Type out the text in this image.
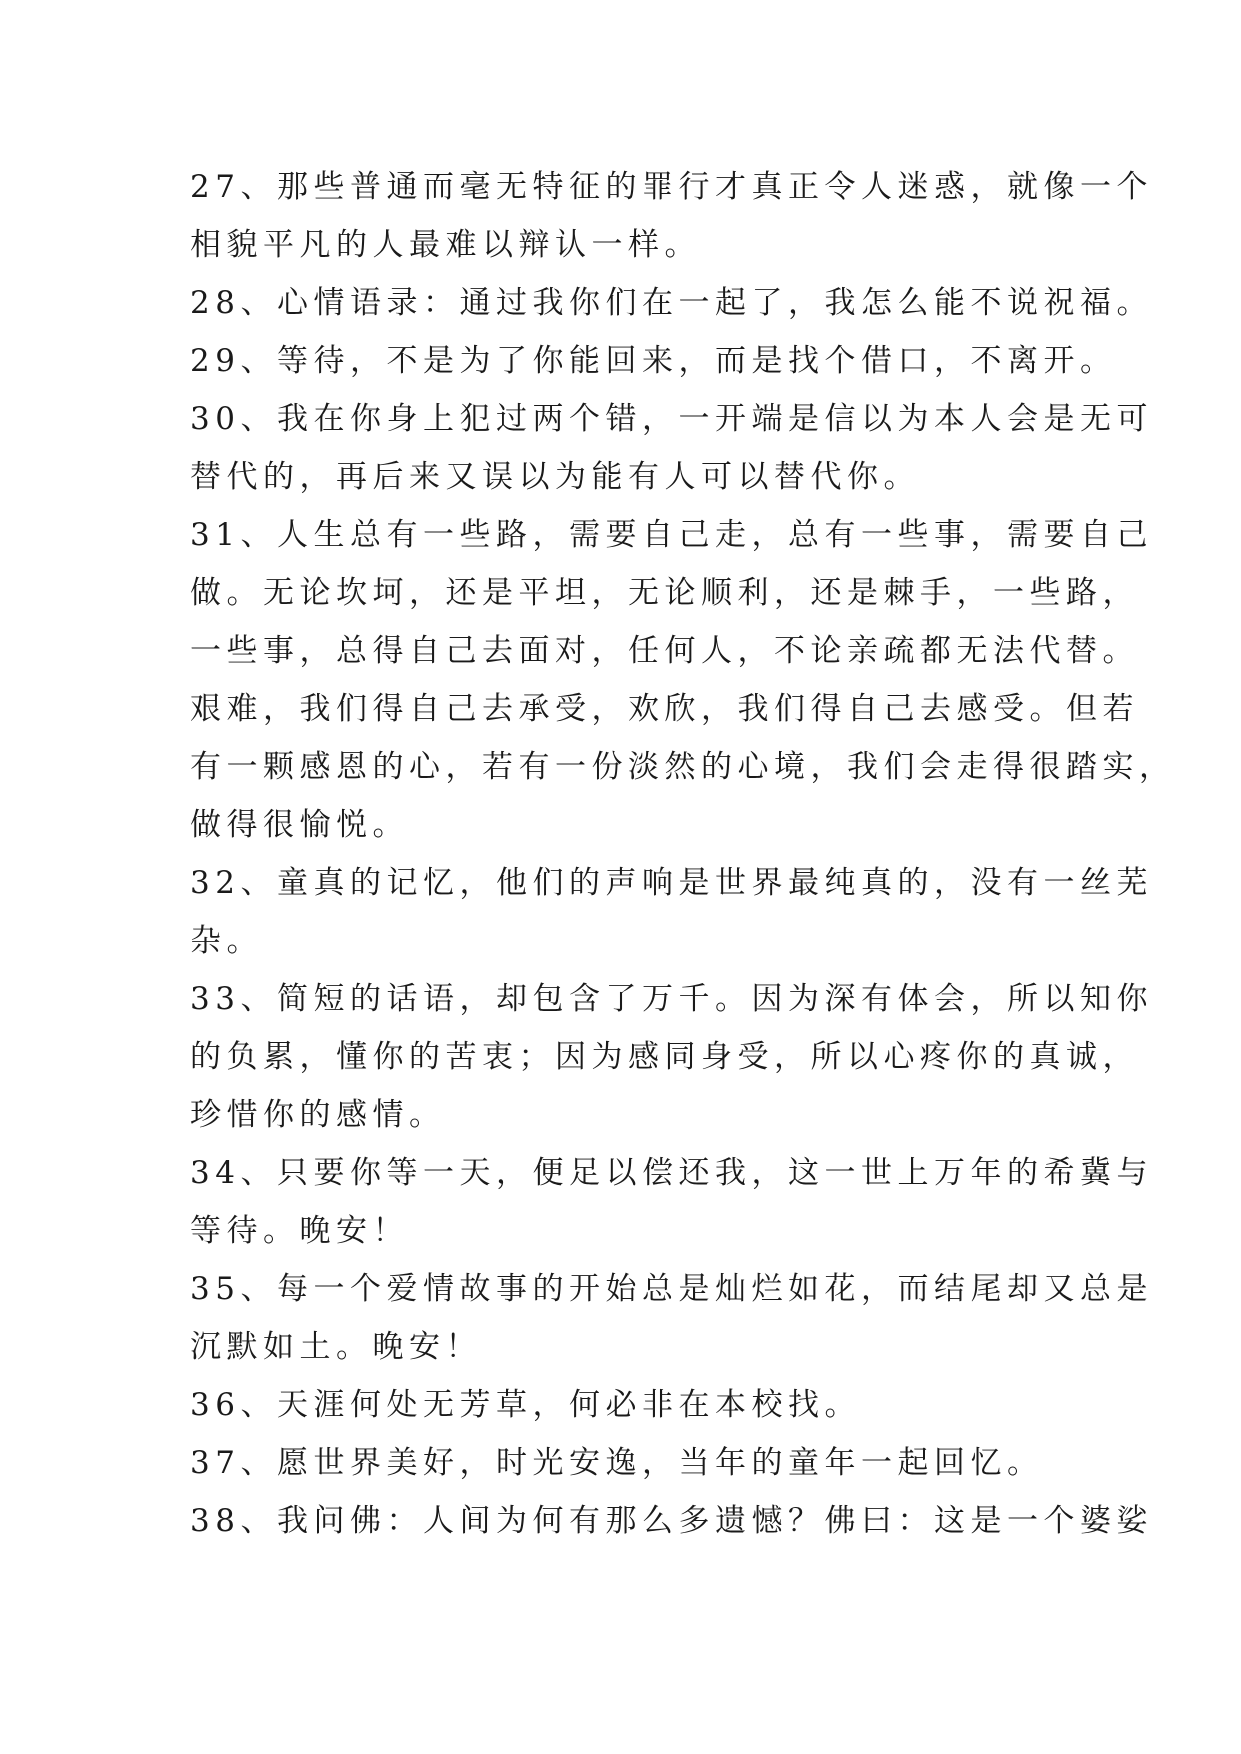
27、那些普通而毫无特征的罪行才真正令人迷惑，就像一个
相貌平凡的人最难以辩认一样。
28、心情语录：通过我你们在一起了，我怎么能不说祝福。
29、等待，不是为了你能回来，而是找个借口，不离开。
30、我在你身上犯过两个错，一开端是信以为本人会是无可
替代的，再后来又误以为能有人可以替代你。
31、人生总有一些路，需要自己走，总有一些事，需要自己
做。无论坎坷，还是平坦，无论顺利，还是棘手，一些路，
一些事，总得自己去面对，任何人，不论亲疏都无法代替。
艰难，我们得自己去承受，欢欣，我们得自己去感受。但若
有一颗感恩的心，若有一份淡然的心境，我们会走得很踏实，
做得很愉悦。
32、童真的记忆，他们的声响是世界最纯真的，没有一丝芜
杂。
33、简短的话语，却包含了万千。因为深有体会，所以知你
的负累，懂你的苦衷；因为感同身受，所以心疼你的真诚，
珍惜你的感情。
34、只要你等一天，便足以偿还我，这一世上万年的希冀与
等待。晚安！
35、每一个爱情故事的开始总是灿烂如花，而结尾却又总是
沉默如土。晚安！
36、天涯何处无芳草，何必非在本校找。
37、愿世界美好，时光安逸，当年的童年一起回忆。
38、我问佛：人间为何有那么多遗憾？佛曰：这是一个婆娑
